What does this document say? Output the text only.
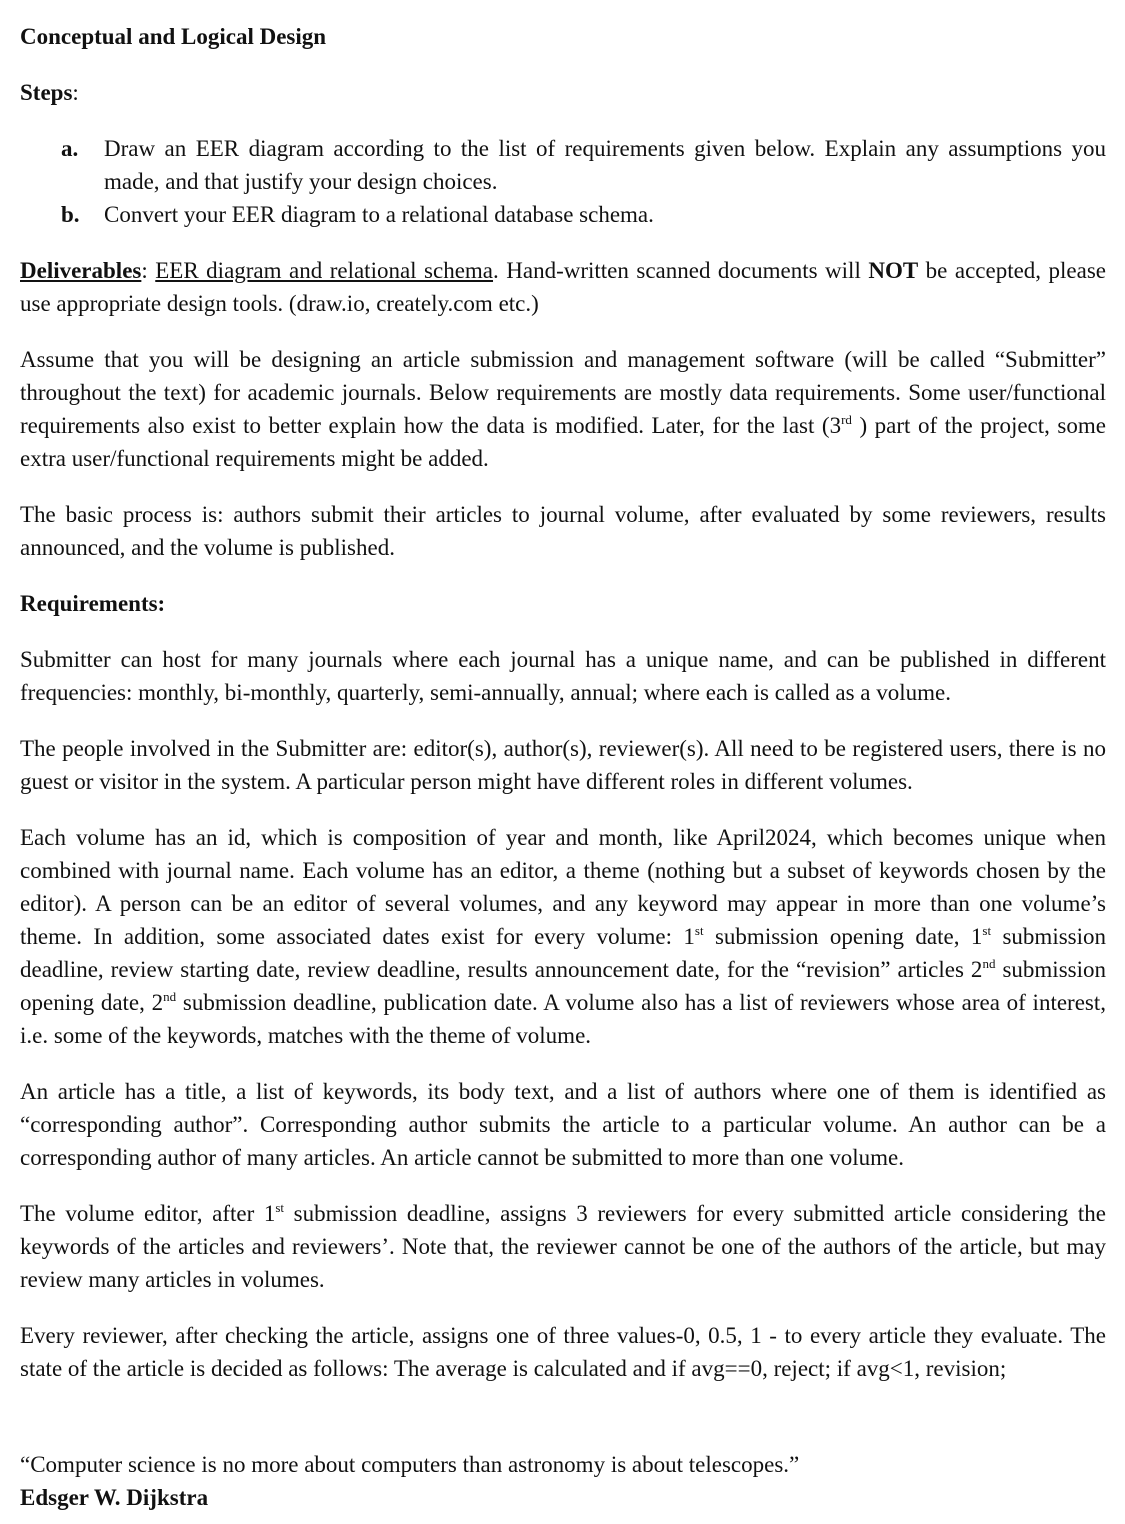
Conceptual and Logical Design
Steps:
a.	Draw an EER diagram according to the list of requirements given below. Explain any assumptions you made, and that justify your design choices.
b.	Convert your EER diagram to a relational database schema.

Deliverables: EER diagram and relational schema. Hand-written scanned documents will NOT be accepted, please use appropriate design tools. (draw.io, creately.com etc.)

Assume that you will be designing an article submission and management software (will be called “Submitter” throughout the text) for academic journals. Below requirements are mostly data requirements. Some user/functional requirements also exist to better explain how the data is modified. Later, for the last (3rd ) part of the project, some extra user/functional requirements might be added.

The basic process is: authors submit their articles to journal volume, after evaluated by some reviewers, results announced, and the volume is published.

Requirements:

Submitter can host for many journals where each journal has a unique name, and can be published in different frequencies: monthly, bi-monthly, quarterly, semi-annually, annual; where each is called as a volume.

The people involved in the Submitter are: editor(s), author(s), reviewer(s). All need to be registered users, there is no guest or visitor in the system. A particular person might have different roles in different volumes.

Each volume has an id, which is composition of year and month, like April2024, which becomes unique when combined with journal name. Each volume has an editor, a theme (nothing but a subset of keywords chosen by the editor). A person can be an editor of several volumes, and any keyword may appear in more than one volume’s theme. In addition, some associated dates exist for every volume: 1st submission opening date, 1st submission deadline, review starting date, review deadline, results announcement date, for the “revision” articles 2nd submission opening date, 2nd submission deadline, publication date. A volume also has a list of reviewers whose area of interest, i.e. some of the keywords, matches with the theme of volume.

An article has a title, a list of keywords, its body text, and a list of authors where one of them is identified as “corresponding author”. Corresponding author submits the article to a particular volume. An author can be a corresponding author of many articles. An article cannot be submitted to more than one volume.

The volume editor, after 1st submission deadline, assigns 3 reviewers for every submitted article considering the keywords of the articles and reviewers’. Note that, the reviewer cannot be one of the authors of the article, but may review many articles in volumes.

Every reviewer, after checking the article, assigns one of three values-0, 0.5, 1 - to every article they evaluate. The state of the article is decided as follows: The average is calculated and if avg==0, reject; if avg<1, revision;

“Computer science is no more about computers than astronomy is about telescopes.”
Edsger W. Dijkstra
